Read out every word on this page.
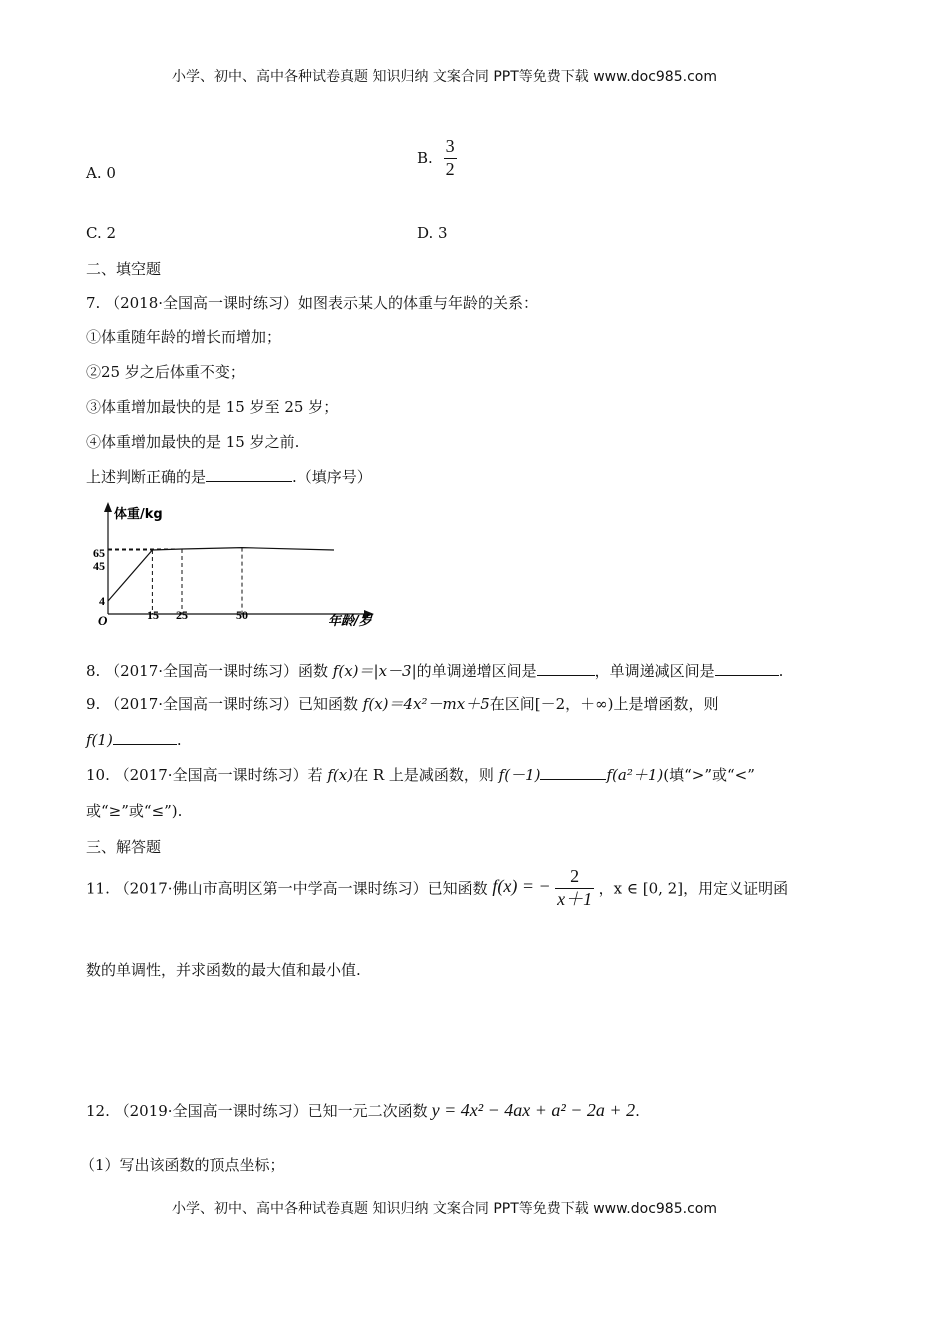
小学、初中、高中各种试卷真题 知识归纳 文案合同 PPT等免费下载 www.doc985.com
A. 0
B. $\frac{3}{2}$
C. 2	D. 3
二、填空题
7. （2018·全国高一课时练习）如图表示某人的体重与年龄的关系：
①体重随年龄的增长而增加；
②25 岁之后体重不变；
③体重增加最快的是 15 岁至 25 岁；
④体重增加最快的是 15 岁之前.
上述判断正确的是	.（填序号）
体重/kg
年龄/岁
O
4
45
65
15 25	50
8. （2017·全国高一课时练习）函数 f(x)＝|x－3|的单调递增区间是	，单调递减区间是	.
9. （2017·全国高一课时练习）已知函数 f(x)＝4x²－mx＋5在区间[－2，＋∞)上是增函数，则
f(1)	.
10. （2017·全国高一课时练习）若 f(x)在 R 上是减函数，则 f(－1)	f(a²＋1)(填“>”或“<”
或“≥”或“≤”).
三、解答题
11. （2017·佛山市高明区第一中学高一课时练习）已知函数 f(x) = − $\frac{2}{x+1}$ ，x ∈ [0, 2]，用定义证明函
数的单调性，并求函数的最大值和最小值.
12. （2019·全国高一课时练习）已知一元二次函数 y = 4x² − 4ax + a² − 2a + 2.
（1）写出该函数的顶点坐标；
小学、初中、高中各种试卷真题 知识归纳 文案合同 PPT等免费下载 www.doc985.com
